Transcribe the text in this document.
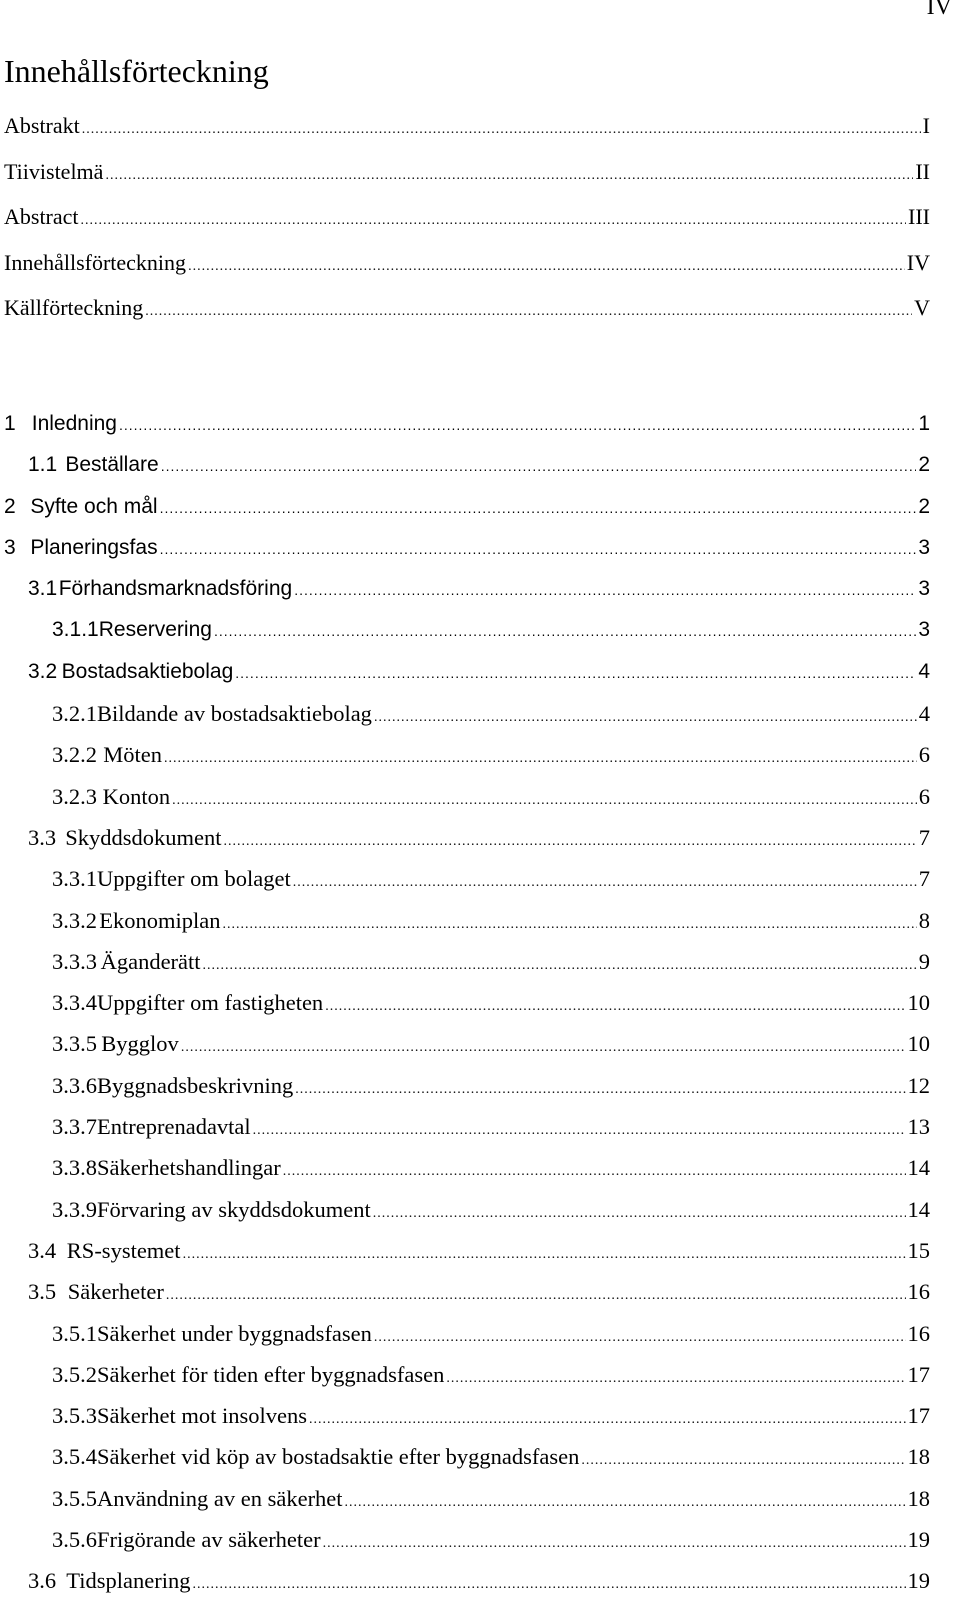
IV
Innehållsförteckning
Abstrakt .....	I
Tiivistelmä .....	II
Abstract .....	III
Innehållsförteckning .....	IV
Källförteckning .....	V
1 Inledning .....	1
1.1 Beställare .....	2
2 Syfte och mål .....	2
3 Planeringsfas .....	3
3.1 Förhandsmarknadsföring .....	3
3.1.1 Reservering .....	3
3.2 Bostadsaktiebolag .....	4
3.2.1 Bildande av bostadsaktiebolag .....	4
3.2.2 Möten .....	6
3.2.3 Konton .....	6
3.3 Skyddsdokument .....	7
3.3.1 Uppgifter om bolaget .....	7
3.3.2 Ekonomiplan .....	8
3.3.3 Äganderätt .....	9
3.3.4 Uppgifter om fastigheten .....	10
3.3.5 Bygglov .....	10
3.3.6 Byggnadsbeskrivning .....	12
3.3.7 Entreprenadavtal .....	13
3.3.8 Säkerhetshandlingar .....	14
3.3.9 Förvaring av skyddsdokument .....	14
3.4 RS-systemet .....	15
3.5 Säkerheter .....	16
3.5.1 Säkerhet under byggnadsfasen .....	16
3.5.2 Säkerhet för tiden efter byggnadsfasen .....	17
3.5.3 Säkerhet mot insolvens .....	17
3.5.4 Säkerhet vid köp av bostadsaktie efter byggnadsfasen .....	18
3.5.5 Användning av en säkerhet .....	18
3.5.6 Frigörande av säkerheter .....	19
3.6 Tidsplanering .....	19
